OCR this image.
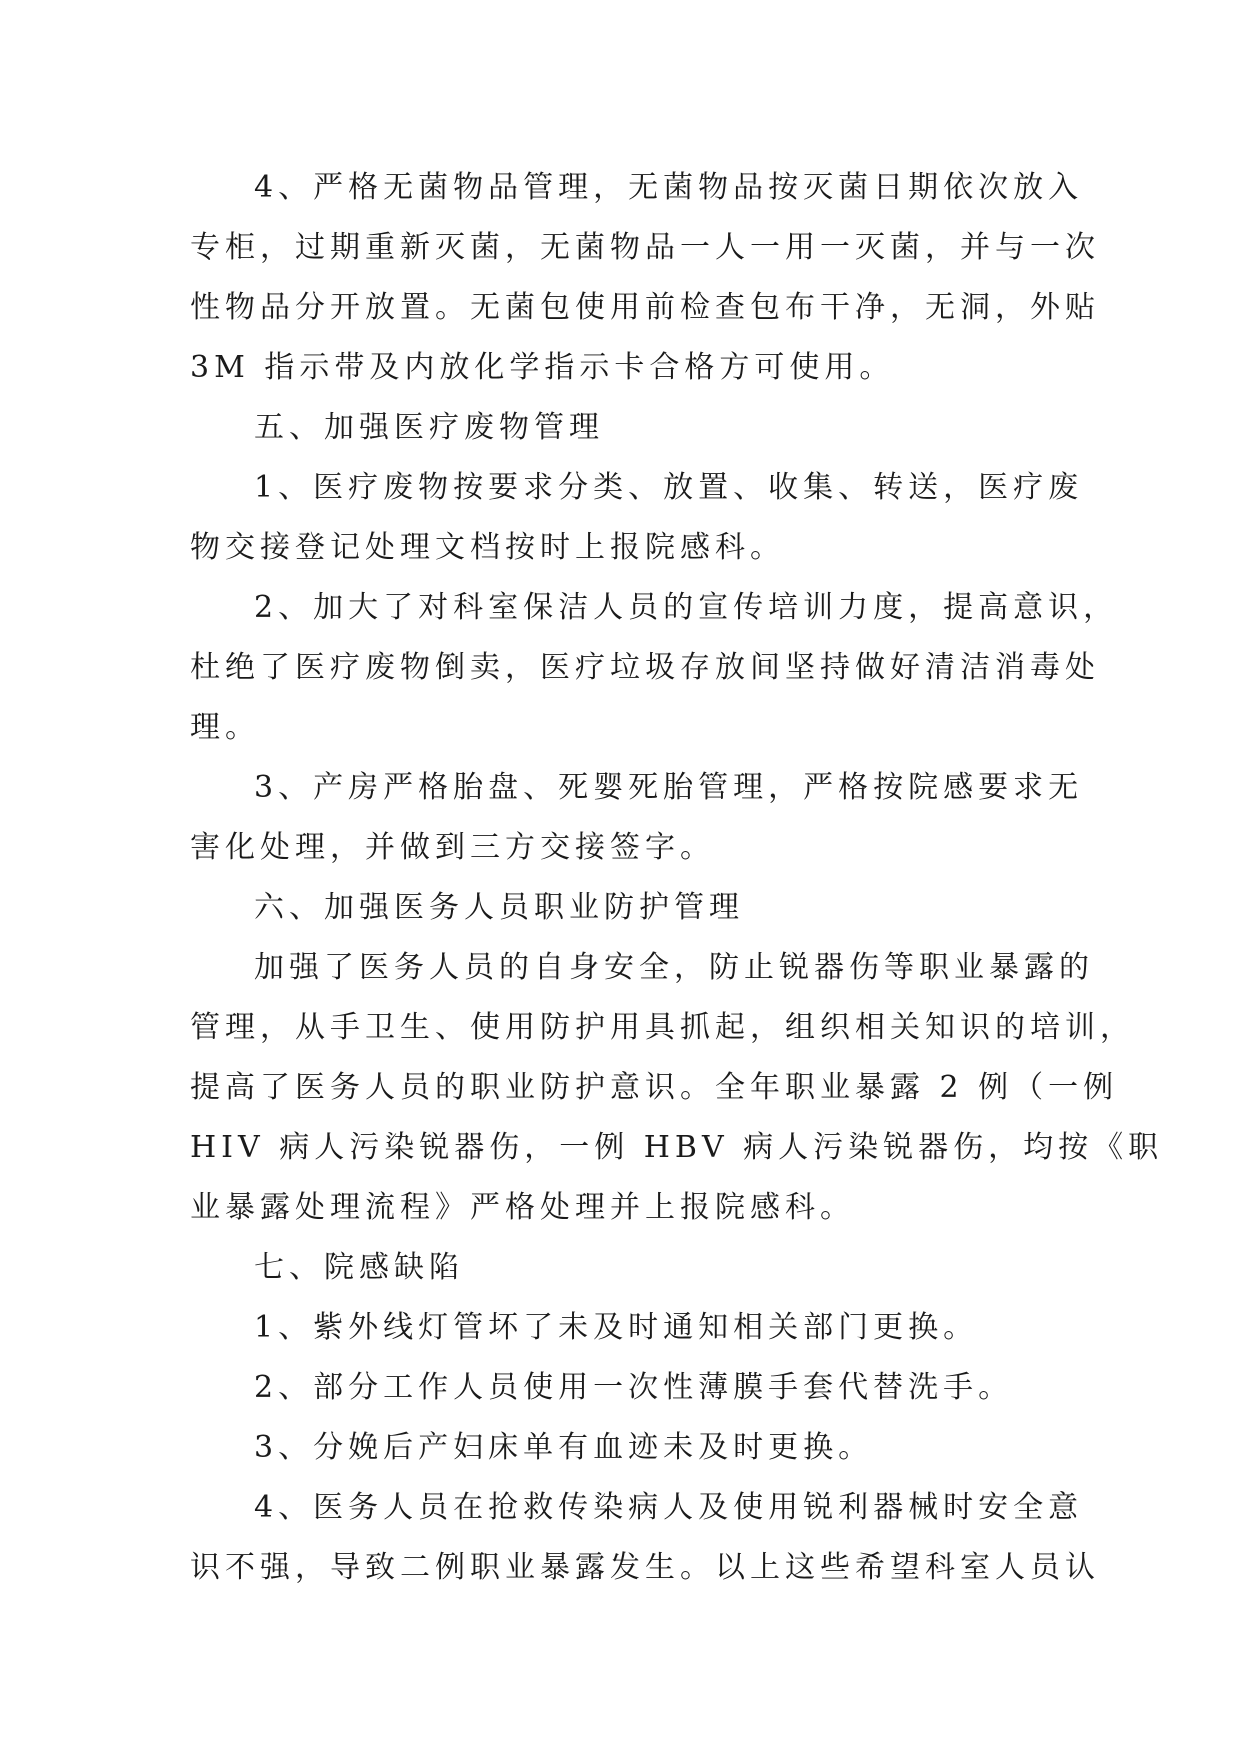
4、严格无菌物品管理，无菌物品按灭菌日期依次放入
专柜，过期重新灭菌，无菌物品一人一用一灭菌，并与一次
性物品分开放置。无菌包使用前检查包布干净，无洞，外贴
3M 指示带及内放化学指示卡合格方可使用。
五、加强医疗废物管理
1、医疗废物按要求分类、放置、收集、转送，医疗废
物交接登记处理文档按时上报院感科。
2、加大了对科室保洁人员的宣传培训力度，提高意识，
杜绝了医疗废物倒卖，医疗垃圾存放间坚持做好清洁消毒处
理。
3、产房严格胎盘、死婴死胎管理，严格按院感要求无
害化处理，并做到三方交接签字。
六、加强医务人员职业防护管理
加强了医务人员的自身安全，防止锐器伤等职业暴露的
管理，从手卫生、使用防护用具抓起，组织相关知识的培训，
提高了医务人员的职业防护意识。全年职业暴露 2 例（一例
HIV 病人污染锐器伤，一例 HBV 病人污染锐器伤，均按《职
业暴露处理流程》严格处理并上报院感科。
七、院感缺陷
1、紫外线灯管坏了未及时通知相关部门更换。
2、部分工作人员使用一次性薄膜手套代替洗手。
3、分娩后产妇床单有血迹未及时更换。
4、医务人员在抢救传染病人及使用锐利器械时安全意
识不强，导致二例职业暴露发生。以上这些希望科室人员认
